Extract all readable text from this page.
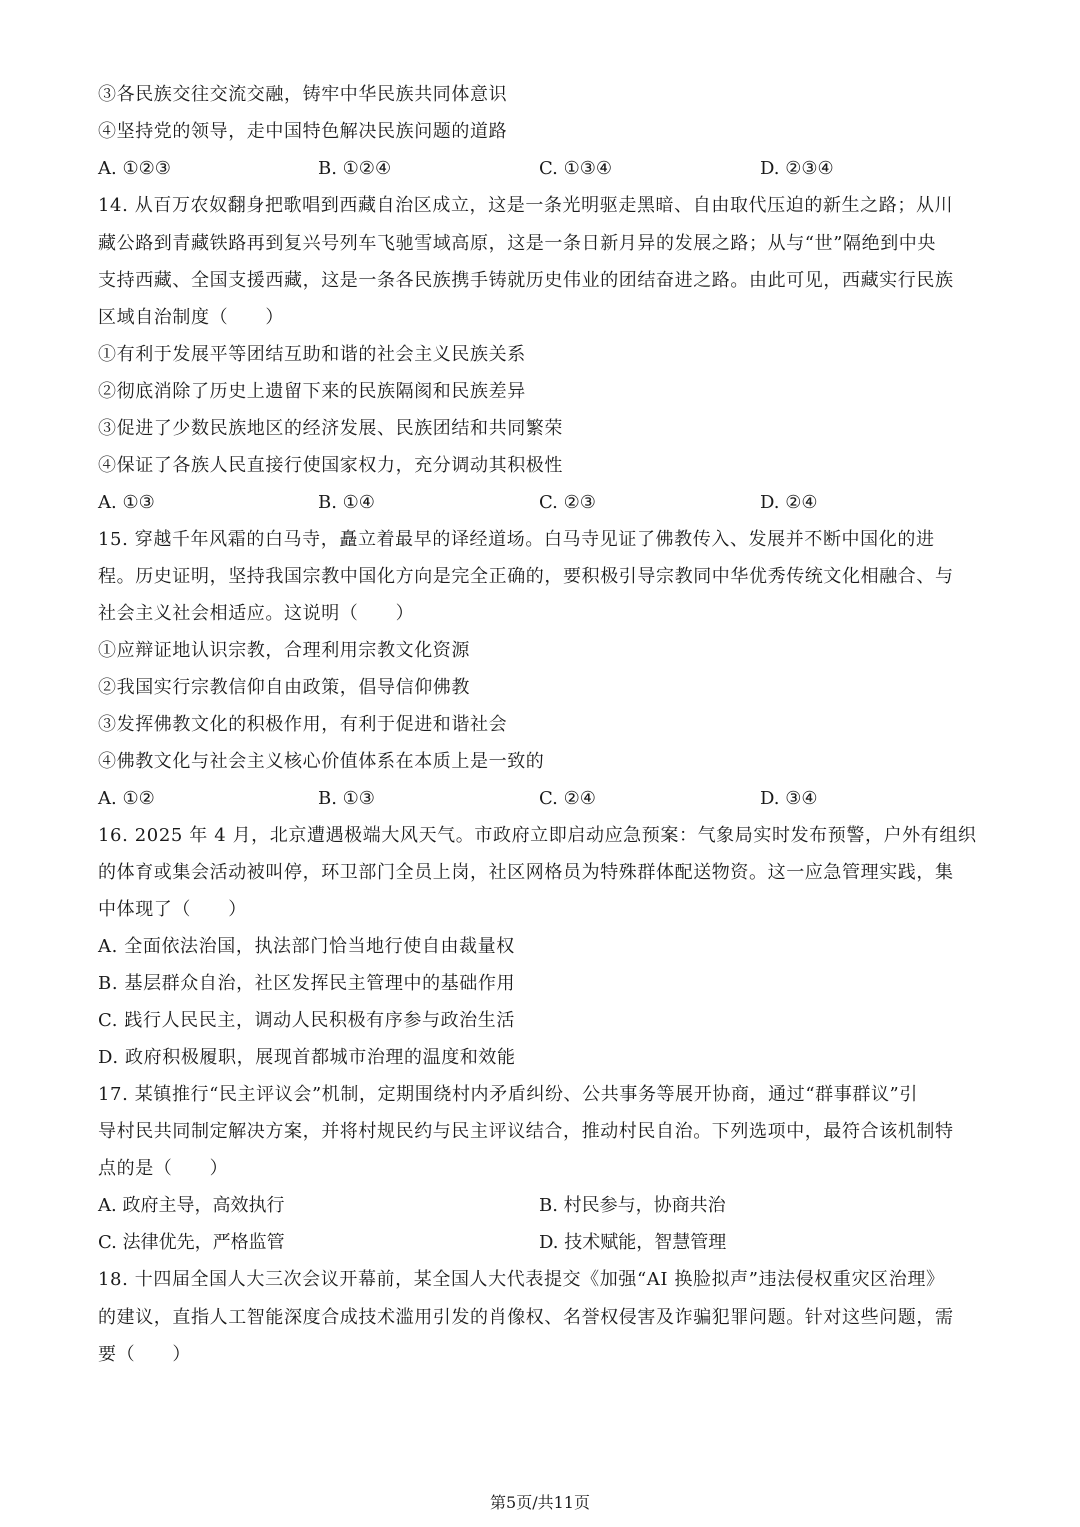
③各民族交往交流交融，铸牢中华民族共同体意识
④坚持党的领导，走中国特色解决民族问题的道路
A. ①②③	B. ①②④	C. ①③④	D. ②③④
14. 从百万农奴翻身把歌唱到西藏自治区成立，这是一条光明驱走黑暗、自由取代压迫的新生之路；从川
藏公路到青藏铁路再到复兴号列车飞驰雪域高原，这是一条日新月异的发展之路；从与“世”隔绝到中央
支持西藏、全国支援西藏，这是一条各民族携手铸就历史伟业的团结奋进之路。由此可见，西藏实行民族
区域自治制度（　　）
①有利于发展平等团结互助和谐的社会主义民族关系
②彻底消除了历史上遗留下来的民族隔阂和民族差异
③促进了少数民族地区的经济发展、民族团结和共同繁荣
④保证了各族人民直接行使国家权力，充分调动其积极性
A. ①③	B. ①④	C. ②③	D. ②④
15. 穿越千年风霜的白马寺，矗立着最早的译经道场。白马寺见证了佛教传入、发展并不断中国化的进
程。历史证明，坚持我国宗教中国化方向是完全正确的，要积极引导宗教同中华优秀传统文化相融合、与
社会主义社会相适应。这说明（　　）
①应辩证地认识宗教，合理利用宗教文化资源
②我国实行宗教信仰自由政策，倡导信仰佛教
③发挥佛教文化的积极作用，有利于促进和谐社会
④佛教文化与社会主义核心价值体系在本质上是一致的
A. ①②	B. ①③	C. ②④	D. ③④
16. 2025 年 4 月，北京遭遇极端大风天气。市政府立即启动应急预案：气象局实时发布预警，户外有组织
的体育或集会活动被叫停，环卫部门全员上岗，社区网格员为特殊群体配送物资。这一应急管理实践，集
中体现了（　　）
A. 全面依法治国，执法部门恰当地行使自由裁量权
B. 基层群众自治，社区发挥民主管理中的基础作用
C. 践行人民民主，调动人民积极有序参与政治生活
D. 政府积极履职，展现首都城市治理的温度和效能
17. 某镇推行“民主评议会”机制，定期围绕村内矛盾纠纷、公共事务等展开协商，通过“群事群议”引
导村民共同制定解决方案，并将村规民约与民主评议结合，推动村民自治。下列选项中，最符合该机制特
点的是（　　）
A. 政府主导，高效执行	B. 村民参与，协商共治
C. 法律优先，严格监管	D. 技术赋能，智慧管理
18. 十四届全国人大三次会议开幕前，某全国人大代表提交《加强“AI 换脸拟声”违法侵权重灾区治理》
的建议，直指人工智能深度合成技术滥用引发的肖像权、名誉权侵害及诈骗犯罪问题。针对这些问题，需
要（　　）
第5页/共11页
